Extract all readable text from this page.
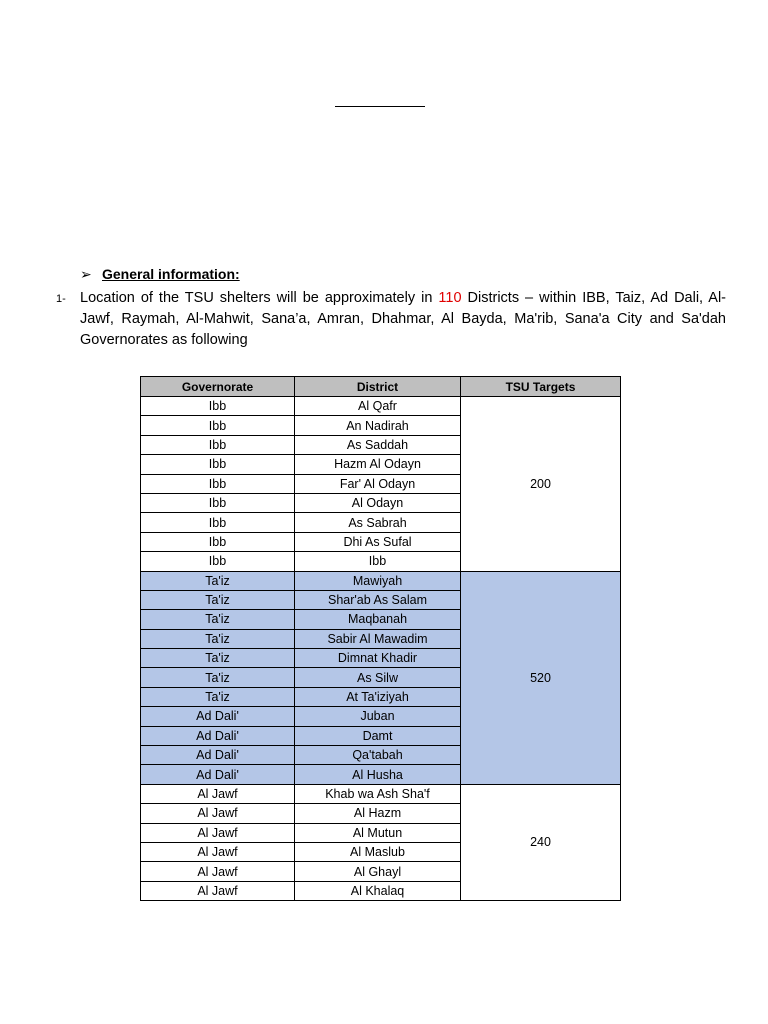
➢ General information:
1- Location of the TSU shelters will be approximately in 110 Districts – within IBB, Taiz, Ad Dali, Al-Jawf, Raymah, Al-Mahwit, Sana’a, Amran, Dhahmar, Al Bayda, Ma'rib, Sana'a City and Sa'dah Governorates as following
Governorate	District	TSU Targets
Ibb	Al Qafr	200
Ibb	An Nadirah	
Ibb	As Saddah	
Ibb	Hazm Al Odayn	
Ibb	Far' Al Odayn	
Ibb	Al Odayn	
Ibb	As Sabrah	
Ibb	Dhi As Sufal	
Ibb	Ibb	
Ta'iz	Mawiyah	520
Ta'iz	Shar'ab As Salam	
Ta'iz	Maqbanah	
Ta'iz	Sabir Al Mawadim	
Ta'iz	Dimnat Khadir	
Ta'iz	As Silw	
Ta'iz	At Ta'iziyah	
Ad Dali'	Juban	
Ad Dali'	Damt	
Ad Dali'	Qa'tabah	
Ad Dali'	Al Husha	
Al Jawf	Khab wa Ash Sha'f	240
Al Jawf	Al Hazm	
Al Jawf	Al Mutun	
Al Jawf	Al Maslub	
Al Jawf	Al Ghayl	
Al Jawf	Al Khalaq	
